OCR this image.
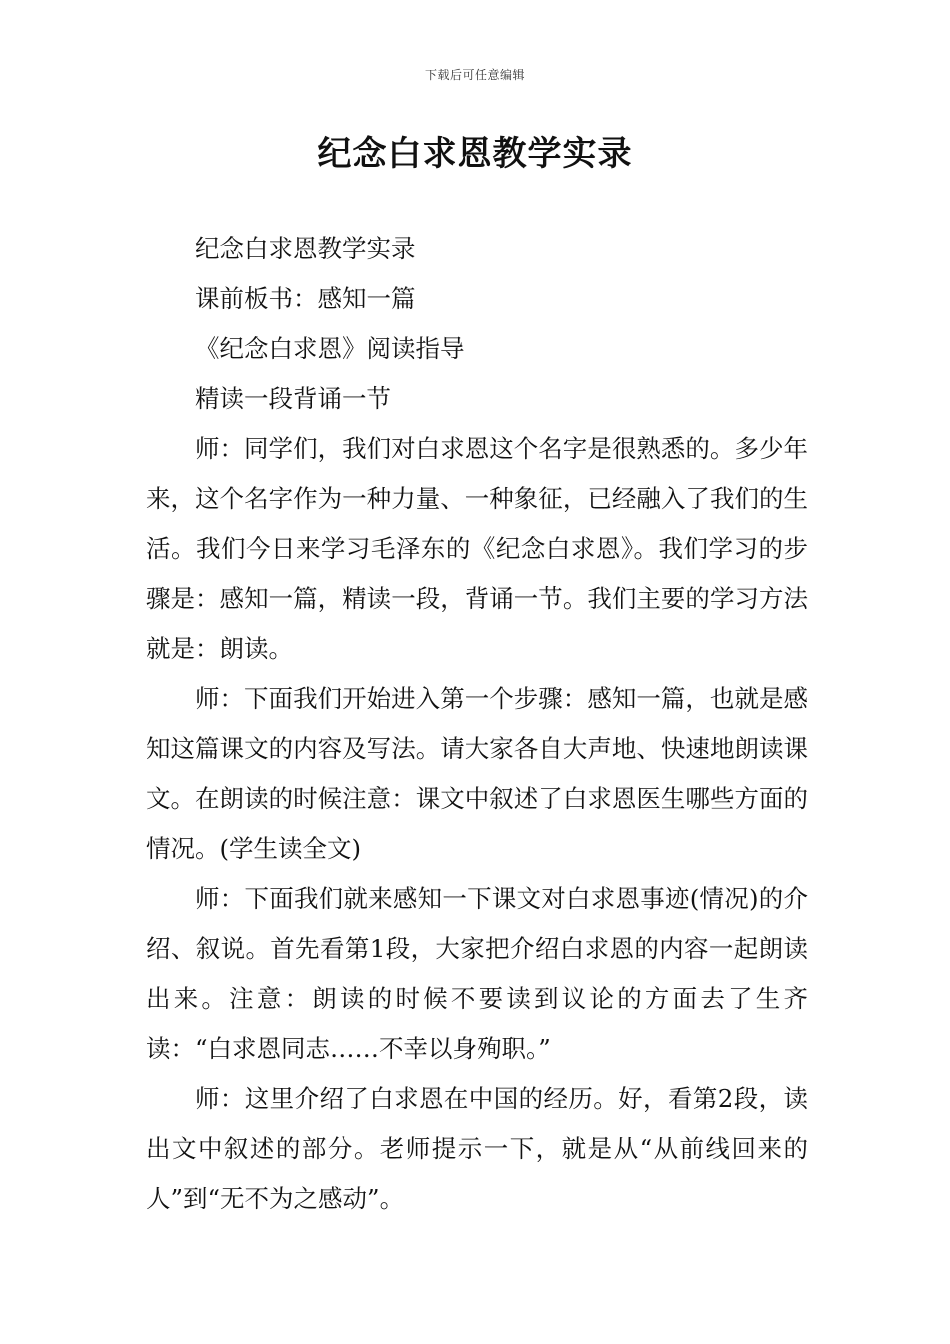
下载后可任意编辑
纪念白求恩教学实录

纪念白求恩教学实录

课前板书：感知一篇

《纪念白求恩》阅读指导

精读一段背诵一节

师：同学们，我们对白求恩这个名字是很熟悉的。多少年来，这个名字作为一种力量、一种象征，已经融入了我们的生活。我们今日来学习毛泽东的《纪念白求恩》。我们学习的步骤是：感知一篇，精读一段，背诵一节。我们主要的学习方法就是：朗读。

师：下面我们开始进入第一个步骤：感知一篇，也就是感知这篇课文的内容及写法。请大家各自大声地、快速地朗读课文。在朗读的时候注意：课文中叙述了白求恩医生哪些方面的情况。(学生读全文)

师：下面我们就来感知一下课文对白求恩事迹(情况)的介绍、叙说。首先看第1段，大家把介绍白求恩的内容一起朗读出来。注意：朗读的时候不要读到议论的方面去了生齐读：“白求恩同志……不幸以身殉职。”

师：这里介绍了白求恩在中国的经历。好，看第2段，读出文中叙述的部分。老师提示一下，就是从“从前线回来的人”到“无不为之感动”。
